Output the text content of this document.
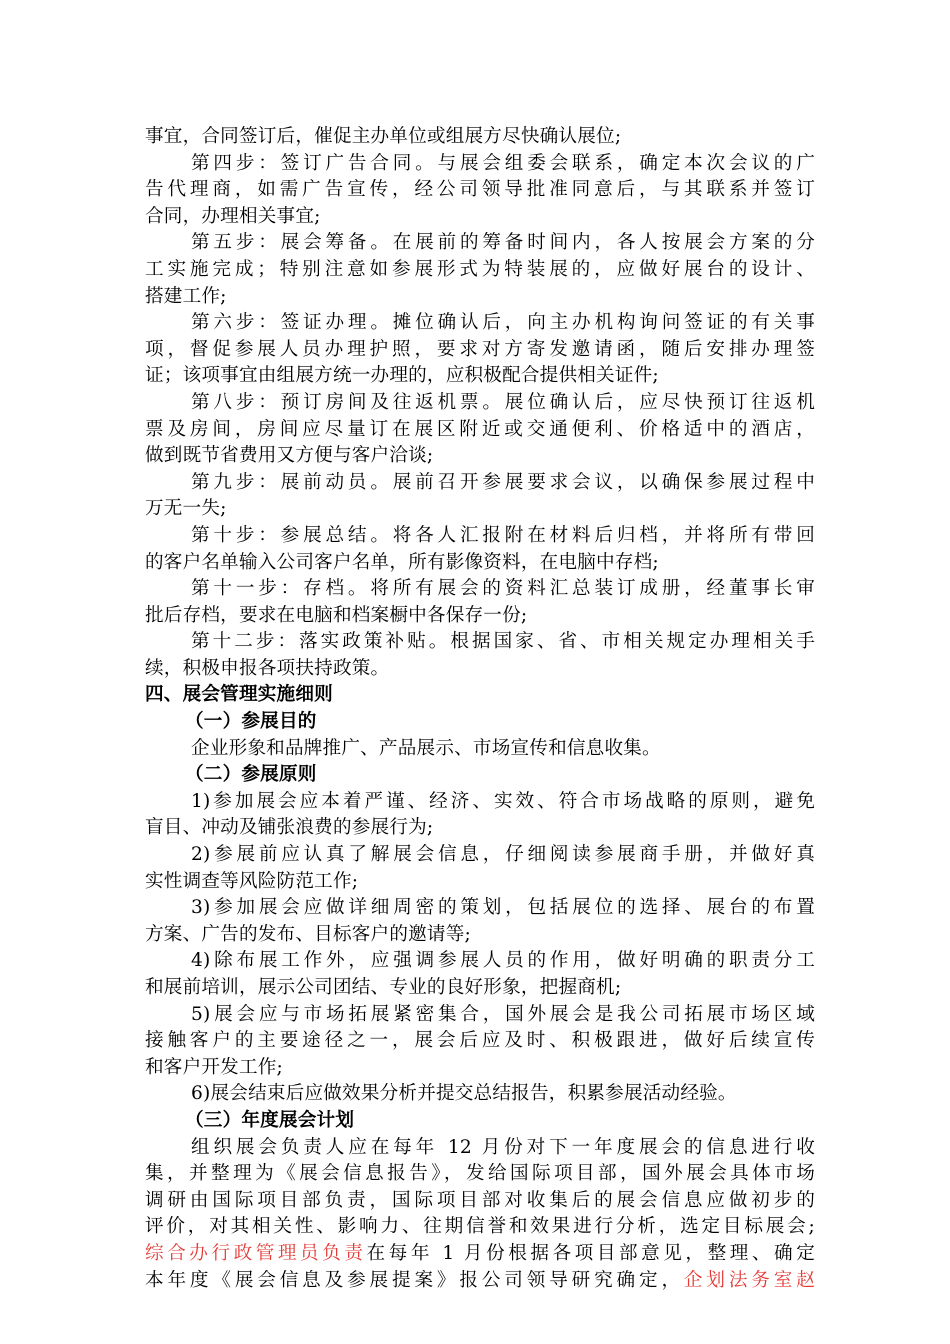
事宜，合同签订后，催促主办单位或组展方尽快确认展位;
第四步：签订广告合同。与展会组委会联系，确定本次会议的广
告代理商，如需广告宣传，经公司领导批准同意后，与其联系并签订
合同，办理相关事宜;
第五步：展会筹备。在展前的筹备时间内，各人按展会方案的分
工实施完成；特别注意如参展形式为特装展的，应做好展台的设计、
搭建工作;
第六步：签证办理。摊位确认后，向主办机构询问签证的有关事
项，督促参展人员办理护照，要求对方寄发邀请函，随后安排办理签
证；该项事宜由组展方统一办理的，应积极配合提供相关证件;
第八步：预订房间及往返机票。展位确认后，应尽快预订往返机
票及房间，房间应尽量订在展区附近或交通便利、价格适中的酒店，
做到既节省费用又方便与客户洽谈;
第九步：展前动员。展前召开参展要求会议，以确保参展过程中
万无一失;
第十步：参展总结。将各人汇报附在材料后归档，并将所有带回
的客户名单输入公司客户名单，所有影像资料，在电脑中存档;
第十一步：存档。将所有展会的资料汇总装订成册，经董事长审
批后存档，要求在电脑和档案橱中各保存一份;
第十二步：落实政策补贴。根据国家、省、市相关规定办理相关手
续，积极申报各项扶持政策。
四、展会管理实施细则
（一）参展目的
企业形象和品牌推广、产品展示、市场宣传和信息收集。
（二）参展原则
1)参加展会应本着严谨、经济、实效、符合市场战略的原则，避免
盲目、冲动及铺张浪费的参展行为;
2)参展前应认真了解展会信息，仔细阅读参展商手册，并做好真
实性调查等风险防范工作;
3)参加展会应做详细周密的策划，包括展位的选择、展台的布置
方案、广告的发布、目标客户的邀请等;
4)除布展工作外，应强调参展人员的作用，做好明确的职责分工
和展前培训，展示公司团结、专业的良好形象，把握商机;
5)展会应与市场拓展紧密集合，国外展会是我公司拓展市场区域
接触客户的主要途径之一，展会后应及时、积极跟进，做好后续宣传
和客户开发工作;
6)展会结束后应做效果分析并提交总结报告，积累参展活动经验。
（三）年度展会计划
组织展会负责人应在每年 12 月份对下一年度展会的信息进行收
集，并整理为《展会信息报告》，发给国际项目部，国外展会具体市场
调研由国际项目部负责，国际项目部对收集后的展会信息应做初步的
评价，对其相关性、影响力、往期信誉和效果进行分析，选定目标展会;
综合办行政管理员负责在每年 1 月份根据各项目部意见，整理、确定
本年度《展会信息及参展提案》报公司领导研究确定，企划法务室赵
